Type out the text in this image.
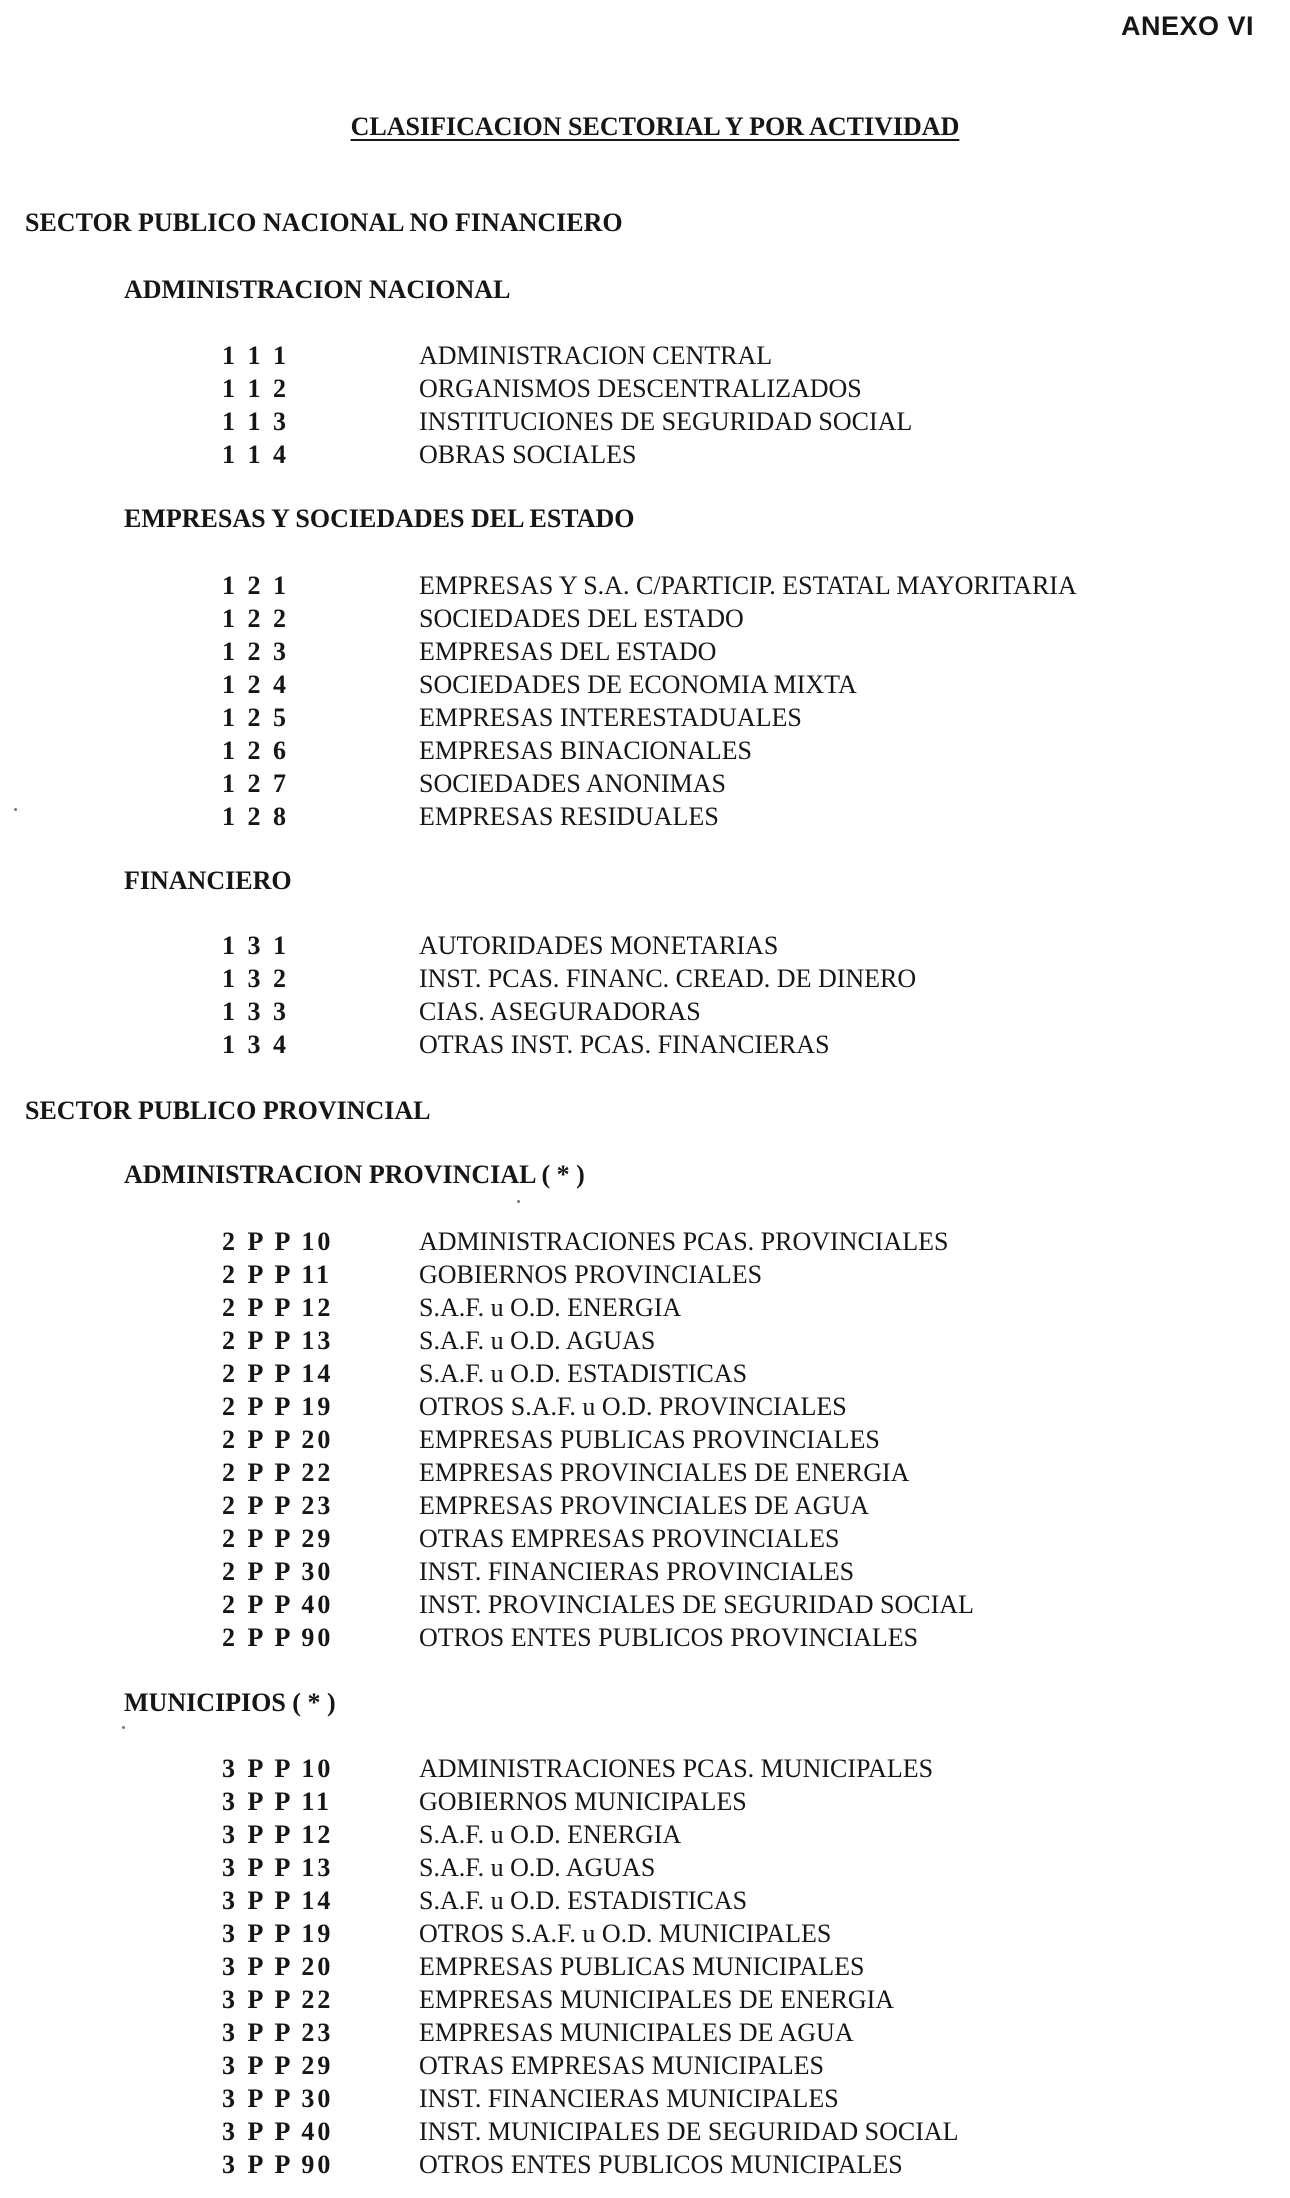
ANEXO VI
CLASIFICACION SECTORIAL Y POR ACTIVIDAD
SECTOR PUBLICO NACIONAL NO FINANCIERO
ADMINISTRACION NACIONAL
1 1 1	ADMINISTRACION CENTRAL
1 1 2	ORGANISMOS DESCENTRALIZADOS
1 1 3	INSTITUCIONES DE SEGURIDAD SOCIAL
1 1 4	OBRAS SOCIALES
EMPRESAS Y SOCIEDADES DEL ESTADO
1 2 1	EMPRESAS Y S.A. C/PARTICIP. ESTATAL MAYORITARIA
1 2 2	SOCIEDADES DEL ESTADO
1 2 3	EMPRESAS DEL ESTADO
1 2 4	SOCIEDADES DE ECONOMIA MIXTA
1 2 5	EMPRESAS INTERESTADUALES
1 2 6	EMPRESAS BINACIONALES
1 2 7	SOCIEDADES ANONIMAS
1 2 8	EMPRESAS RESIDUALES
FINANCIERO
1 3 1	AUTORIDADES MONETARIAS
1 3 2	INST. PCAS. FINANC. CREAD. DE DINERO
1 3 3	CIAS. ASEGURADORAS
1 3 4	OTRAS INST. PCAS. FINANCIERAS
SECTOR PUBLICO PROVINCIAL
ADMINISTRACION PROVINCIAL ( * )
2 P P 10	ADMINISTRACIONES PCAS. PROVINCIALES
2 P P 11	GOBIERNOS PROVINCIALES
2 P P 12	S.A.F. u O.D. ENERGIA
2 P P 13	S.A.F. u O.D. AGUAS
2 P P 14	S.A.F. u O.D. ESTADISTICAS
2 P P 19	OTROS S.A.F. u O.D. PROVINCIALES
2 P P 20	EMPRESAS PUBLICAS PROVINCIALES
2 P P 22	EMPRESAS PROVINCIALES DE ENERGIA
2 P P 23	EMPRESAS PROVINCIALES DE AGUA
2 P P 29	OTRAS EMPRESAS PROVINCIALES
2 P P 30	INST. FINANCIERAS PROVINCIALES
2 P P 40	INST. PROVINCIALES DE SEGURIDAD SOCIAL
2 P P 90	OTROS ENTES PUBLICOS PROVINCIALES
MUNICIPIOS ( * )
3 P P 10	ADMINISTRACIONES PCAS. MUNICIPALES
3 P P 11	GOBIERNOS MUNICIPALES
3 P P 12	S.A.F. u O.D. ENERGIA
3 P P 13	S.A.F. u O.D. AGUAS
3 P P 14	S.A.F. u O.D. ESTADISTICAS
3 P P 19	OTROS S.A.F. u O.D. MUNICIPALES
3 P P 20	EMPRESAS PUBLICAS MUNICIPALES
3 P P 22	EMPRESAS MUNICIPALES DE ENERGIA
3 P P 23	EMPRESAS MUNICIPALES DE AGUA
3 P P 29	OTRAS EMPRESAS MUNICIPALES
3 P P 30	INST. FINANCIERAS MUNICIPALES
3 P P 40	INST. MUNICIPALES DE SEGURIDAD SOCIAL
3 P P 90	OTROS ENTES PUBLICOS MUNICIPALES
